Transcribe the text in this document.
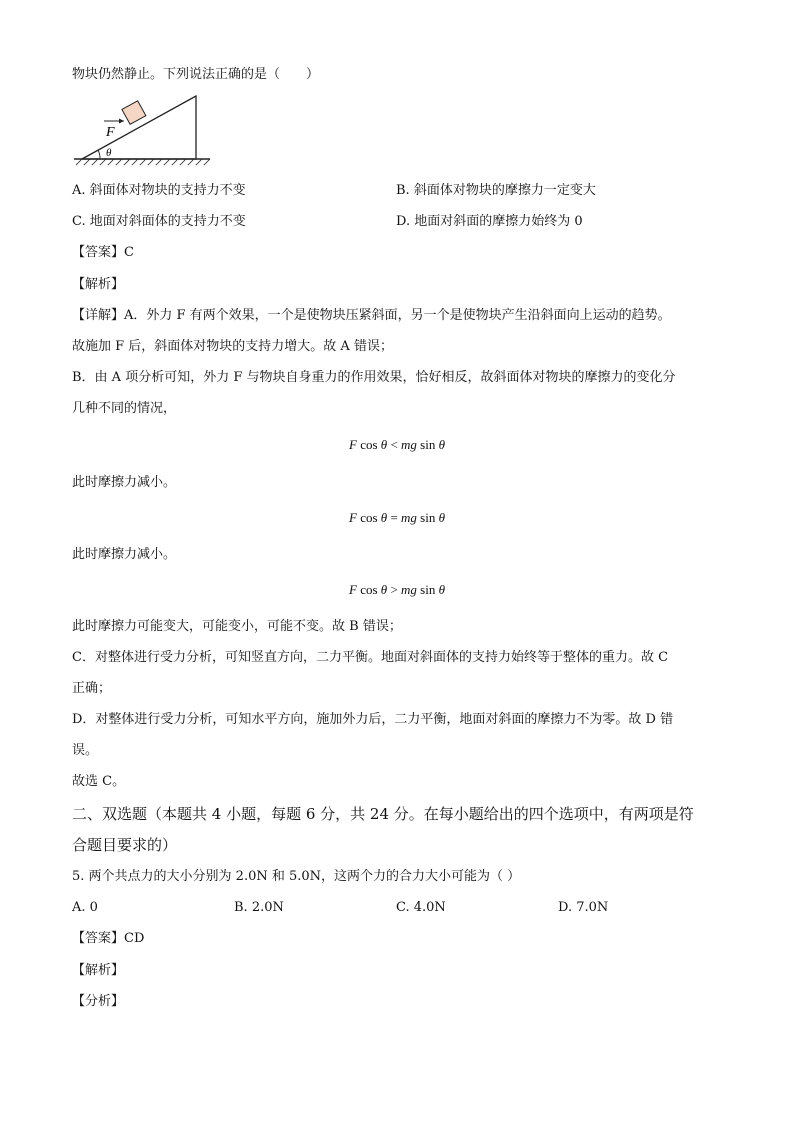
物块仍然静止。下列说法正确的是（　　）
F
θ
A. 斜面体对物块的支持力不变	B. 斜面体对物块的摩擦力一定变大
C. 地面对斜面体的支持力不变	D. 地面对斜面的摩擦力始终为 0
【答案】C
【解析】
【详解】A．外力 F 有两个效果，一个是使物块压紧斜面，另一个是使物块产生沿斜面向上运动的趋势。
故施加 F 后，斜面体对物块的支持力增大。故 A 错误；
B．由 A 项分析可知，外力 F 与物块自身重力的作用效果，恰好相反，故斜面体对物块的摩擦力的变化分
几种不同的情况，
F cos θ < mg sin θ
此时摩擦力减小。
F cos θ = mg sin θ
此时摩擦力减小。
F cos θ > mg sin θ
此时摩擦力可能变大，可能变小，可能不变。故 B 错误；
C．对整体进行受力分析，可知竖直方向，二力平衡。地面对斜面体的支持力始终等于整体的重力。故 C
正确；
D．对整体进行受力分析，可知水平方向，施加外力后，二力平衡，地面对斜面的摩擦力不为零。故 D 错
误。
故选 C。
二、双选题（本题共 4 小题，每题 6 分，共 24 分。在每小题给出的四个选项中，有两项是符
合题目要求的）
5. 两个共点力的大小分别为 2.0N 和 5.0N，这两个力的合力大小可能为（ ）
A. 0	B. 2.0N	C. 4.0N	D. 7.0N
【答案】CD
【解析】
【分析】
